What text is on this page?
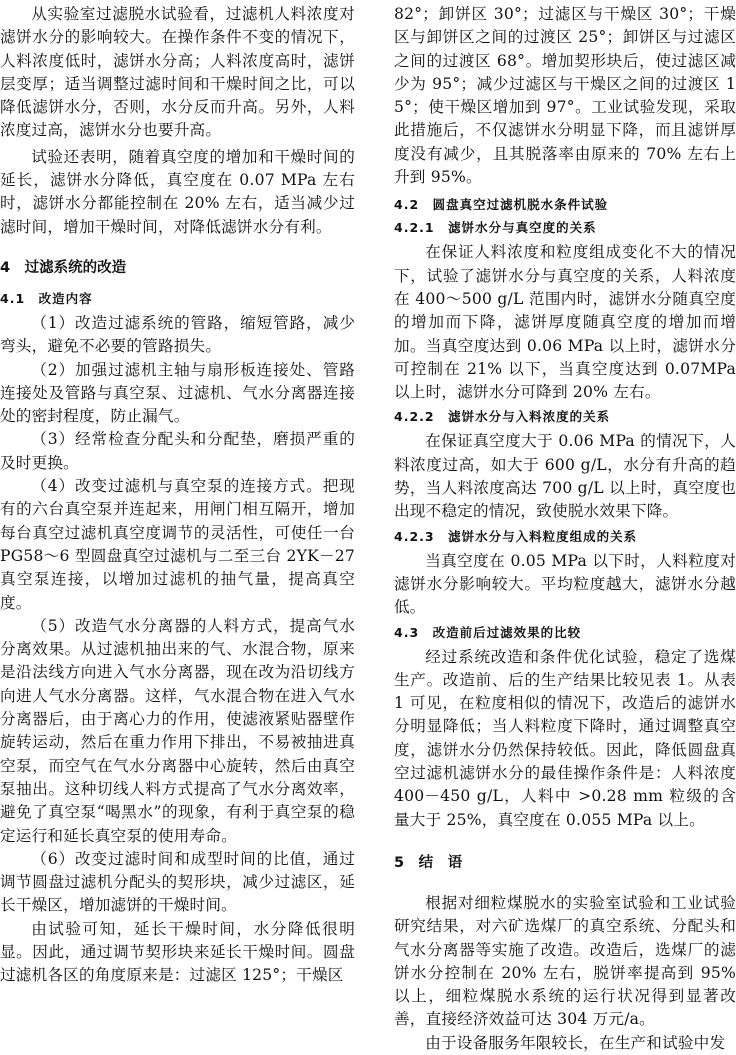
从实验室过滤脱水试验看，过滤机人料浓度对滤饼水分的影响较大。在操作条件不变的情况下，人料浓度低时，滤饼水分高；人料浓度高时，滤饼层变厚；适当调整过滤时间和干燥时间之比，可以降低滤饼水分，否则，水分反而升高。另外，人料浓度过高，滤饼水分也要升高。

试验还表明，随着真空度的增加和干燥时间的延长，滤饼水分降低，真空度在 0.07 MPa 左右时，滤饼水分都能控制在 20% 左右，适当减少过滤时间，增加干燥时间，对降低滤饼水分有利。

4　过滤系统的改造
4.1　改造内容

（1）改造过滤系统的管路，缩短管路，减少弯头，避免不必要的管路损失。

（2）加强过滤机主轴与扇形板连接处、管路连接处及管路与真空泵、过滤机、气水分离器连接处的密封程度，防止漏气。

（3）经常检查分配头和分配垫，磨损严重的及时更换。

（4）改变过滤机与真空泵的连接方式。把现有的六台真空泵并连起来，用闸门相互隔开，增加每台真空过滤机真空度调节的灵活性，可使任一台 PG58～6 型圆盘真空过滤机与二至三台 2YK－27 真空泵连接，以增加过滤机的抽气量，提高真空度。

（5）改造气水分离器的人料方式，提高气水分离效果。从过滤机抽出来的气、水混合物，原来是沿法线方向进入气水分离器，现在改为沿切线方向进人气水分离器。这样，气水混合物在进入气水分离器后，由于离心力的作用，使滤液紧贴器壁作旋转运动，然后在重力作用下排出，不易被抽进真空泵，而空气在气水分离器中心旋转，然后由真空泵抽出。这种切线人料方式提高了气水分离效率，避免了真空泵“喝黑水”的现象，有利于真空泵的稳定运行和延长真空泵的使用寿命。

（6）改变过滤时间和成型时间的比值，通过调节圆盘过滤机分配头的契形块，减少过滤区，延长干燥区，增加滤饼的干燥时间。

由试验可知，延长干燥时间，水分降低很明显。因此，通过调节契形块来延长干燥时间。圆盘过滤机各区的角度原来是：过滤区 125°；干燥区

82°；卸饼区 30°；过滤区与干燥区 30°；干燥区与卸饼区之间的过渡区 25°；卸饼区与过滤区之间的过渡区 68°。增加契形块后，使过滤区减少为 95°；减少过滤区与干燥区之间的过渡区 15°；使干燥区增加到 97°。工业试验发现，采取此措施后，不仅滤饼水分明显下降，而且滤饼厚度没有减少，且其脱落率由原来的 70% 左右上升到 95%。

4.2　圆盘真空过滤机脱水条件试验
4.2.1　滤饼水分与真空度的关系

在保证人料浓度和粒度组成变化不大的情况下，试验了滤饼水分与真空度的关系，人料浓度在 400～500 g/L 范围内时，滤饼水分随真空度的增加而下降，滤饼厚度随真空度的增加而增加。当真空度达到 0.06 MPa 以上时，滤饼水分可控制在 21% 以下，当真空度达到 0.07MPa 以上时，滤饼水分可降到 20% 左右。

4.2.2　滤饼水分与入料浓度的关系

在保证真空度大于 0.06 MPa 的情况下，人料浓度过高，如大于 600 g/L，水分有升高的趋势，当人料浓度高达 700 g/L 以上时，真空度也出现不稳定的情况，致使脱水效果下降。

4.2.3　滤饼水分与入料粒度组成的关系

当真空度在 0.05 MPa 以下时，人料粒度对滤饼水分影响较大。平均粒度越大，滤饼水分越低。

4.3　改造前后过滤效果的比较

经过系统改造和条件优化试验，稳定了选煤生产。改造前、后的生产结果比较见表 1。从表 1 可见，在粒度相似的情况下，改造后的滤饼水分明显降低；当人料粒度下降时，通过调整真空度，滤饼水分仍然保持较低。因此，降低圆盘真空过滤机滤饼水分的最佳操作条件是：人料浓度 400－450 g/L，人料中 >0.28 mm 粒级的含量大于 25%，真空度在 0.055 MPa 以上。

5　结　语

根据对细粒煤脱水的实验室试验和工业试验研究结果，对六矿选煤厂的真空系统、分配头和气水分离器等实施了改造。改造后，选煤厂的滤饼水分控制在 20% 左右，脱饼率提高到 95% 以上，细粒煤脱水系统的运行状况得到显著改善，直接经济效益可达 304 万元/a。

由于设备服务年限较长，在生产和试验中发
